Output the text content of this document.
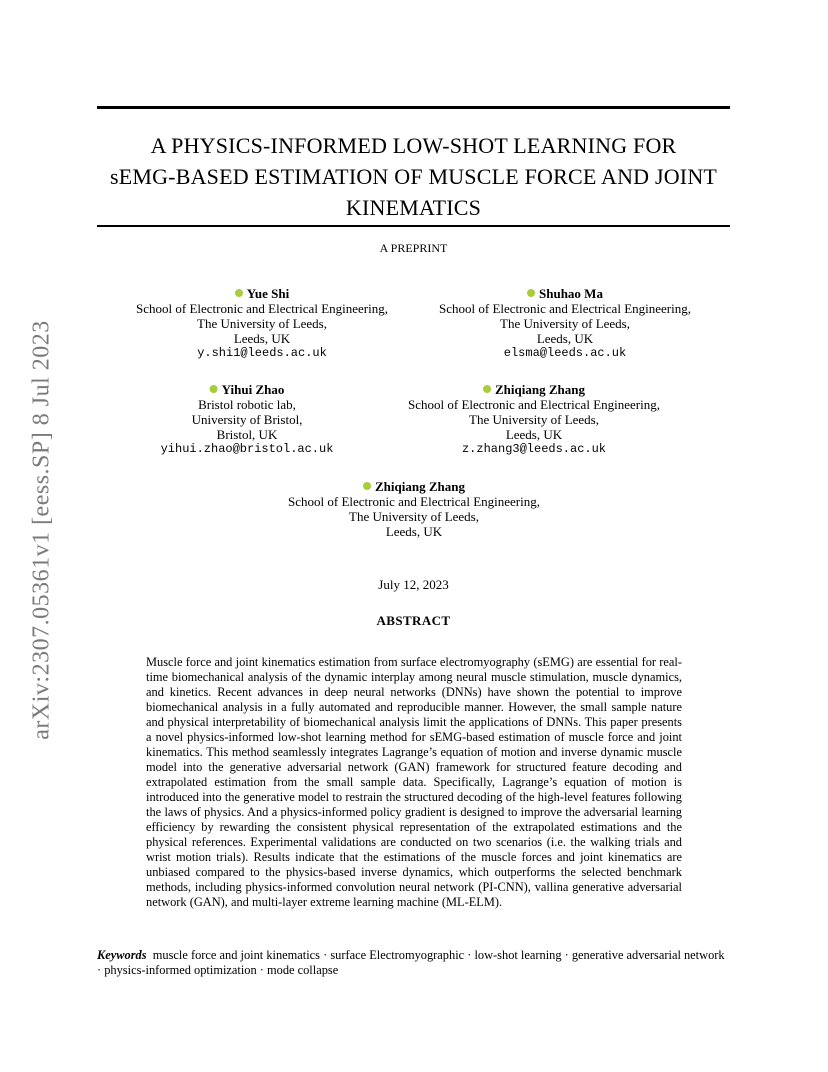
arXiv:2307.05361v1 [eess.SP] 8 Jul 2023
A PHYSICS-INFORMED LOW-SHOT LEARNING FOR
sEMG-BASED ESTIMATION OF MUSCLE FORCE AND JOINT
KINEMATICS
A PREPRINT
Yue Shi
School of Electronic and Electrical Engineering,
The University of Leeds,
Leeds, UK
y.shi1@leeds.ac.uk
Shuhao Ma
School of Electronic and Electrical Engineering,
The University of Leeds,
Leeds, UK
elsma@leeds.ac.uk
Yihui Zhao
Bristol robotic lab,
University of Bristol,
Bristol, UK
yihui.zhao@bristol.ac.uk
Zhiqiang Zhang
School of Electronic and Electrical Engineering,
The University of Leeds,
Leeds, UK
z.zhang3@leeds.ac.uk
Zhiqiang Zhang
School of Electronic and Electrical Engineering,
The University of Leeds,
Leeds, UK
July 12, 2023
ABSTRACT
Muscle force and joint kinematics estimation from surface electromyography (sEMG) are essential for real-time biomechanical analysis of the dynamic interplay among neural muscle stimulation, muscle dynamics, and kinetics. Recent advances in deep neural networks (DNNs) have shown the potential to improve biomechanical analysis in a fully automated and reproducible manner. However, the small sample nature and physical interpretability of biomechanical analysis limit the applications of DNNs. This paper presents a novel physics-informed low-shot learning method for sEMG-based estimation of muscle force and joint kinematics. This method seamlessly integrates Lagrange’s equation of motion and inverse dynamic muscle model into the generative adversarial network (GAN) framework for structured feature decoding and extrapolated estimation from the small sample data. Specifically, Lagrange’s equation of motion is introduced into the generative model to restrain the structured decoding of the high-level features following the laws of physics. And a physics-informed policy gradient is designed to improve the adversarial learning efficiency by rewarding the consistent physical representation of the extrapolated estimations and the physical references. Experimental validations are conducted on two scenarios (i.e. the walking trials and wrist motion trials). Results indicate that the estimations of the muscle forces and joint kinematics are unbiased compared to the physics-based inverse dynamics, which outperforms the selected benchmark methods, including physics-informed convolution neural network (PI-CNN), vallina generative adversarial network (GAN), and multi-layer extreme learning machine (ML-ELM).
Keywords muscle force and joint kinematics · surface Electromyographic · low-shot learning · generative adversarial network · physics-informed optimization · mode collapse
